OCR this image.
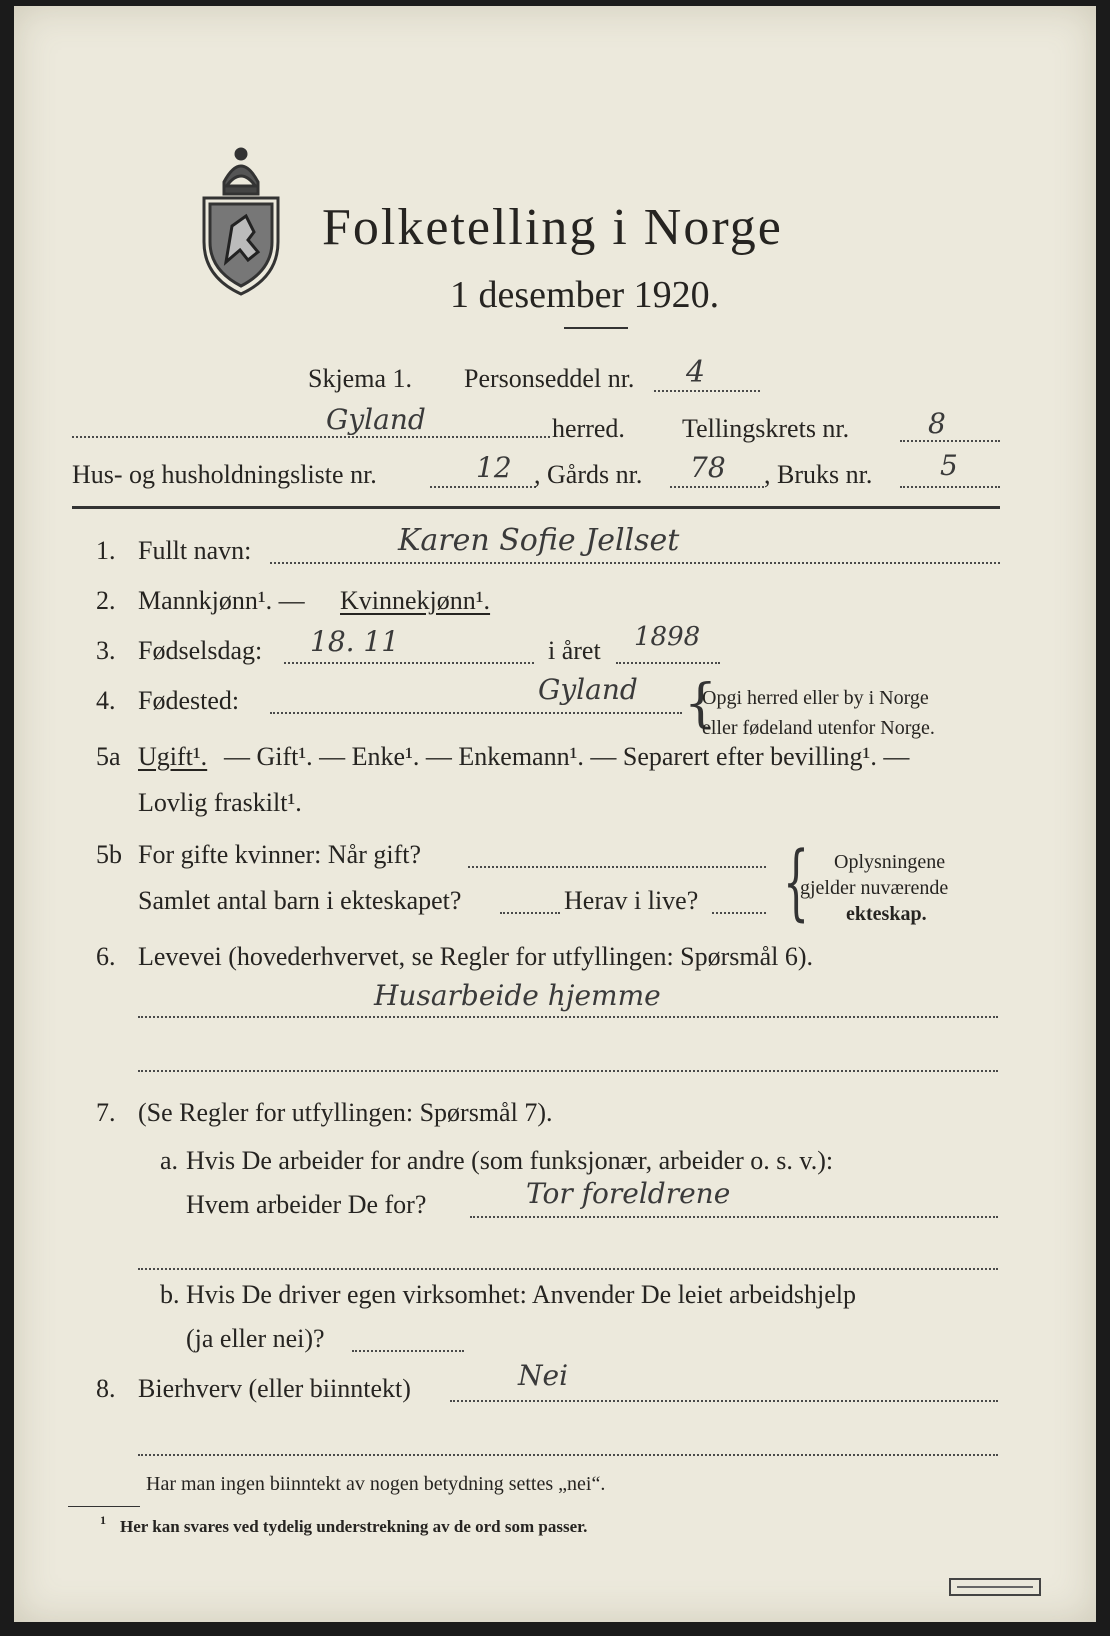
Folketelling i Norge
1 desember 1920.
Skjema 1. Personseddel nr. 4
Gyland	herred. Tellingskrets nr.	8
Hus- og husholdningsliste nr.	12 , Gårds nr. 78 , Bruks nr. 5
1. Fullt navn:	Karen Sofie Jellset
2. Mannkjønn¹. — Kvinnekjønn¹.
3. Fødselsdag: 18. 11	i året 1898
4. Fødested:	Gyland {
Opgi herred eller by i Norge
eller fødeland utenfor Norge.
5a Ugift¹. — Gift¹. — Enke¹. — Enkemann¹. — Separert efter bevilling¹. —
Lovlig fraskilt¹.
5b For gifte kvinner: Når gift?
Samlet antal barn i ekteskapet?	Herav i live? { Oplysningene
gjelder nuværende
ekteskap.
6. Levevei (hovederhvervet, se Regler for utfyllingen: Spørsmål 6).
Husarbeide hjemme
7. (Se Regler for utfyllingen: Spørsmål 7).
a. Hvis De arbeider for andre (som funksjonær, arbeider o. s. v.):
Hvem arbeider De for?	Tor foreldrene
b. Hvis De driver egen virksomhet: Anvender De leiet arbeidshjelp
(ja eller nei)?
8. Bierhverv (eller biinntekt)	Nei
Har man ingen biinntekt av nogen betydning settes „nei“.
1 Her kan svares ved tydelig understrekning av de ord som passer.
